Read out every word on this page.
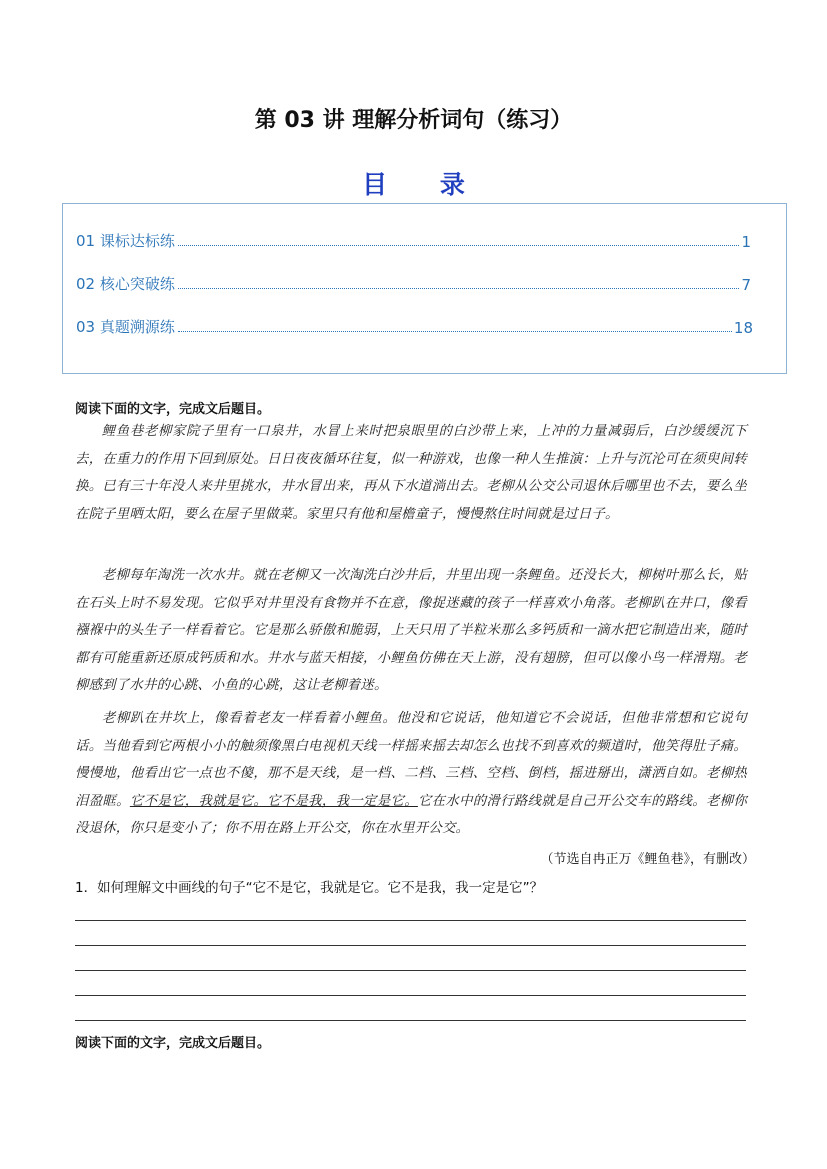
第 03 讲 理解分析词句（练习）
目 录
01 课标达标练	1
02 核心突破练	7
03 真题溯源练	18
阅读下面的文字，完成文后题目。
鲤鱼巷老柳家院子里有一口泉井，水冒上来时把泉眼里的白沙带上来，上冲的力量减弱后，白沙缓缓沉下去，在重力的作用下回到原处。日日夜夜循环往复，似一种游戏，也像一种人生推演：上升与沉沦可在须臾间转换。已有三十年没人来井里挑水，井水冒出来，再从下水道淌出去。老柳从公交公司退休后哪里也不去，要么坐在院子里晒太阳，要么在屋子里做菜。家里只有他和屋檐童子，慢慢熬住时间就是过日子。
老柳每年淘洗一次水井。就在老柳又一次淘洗白沙井后，井里出现一条鲤鱼。还没长大，柳树叶那么长，贴在石头上时不易发现。它似乎对井里没有食物并不在意，像捉迷藏的孩子一样喜欢小角落。老柳趴在井口，像看襁褓中的头生子一样看着它。它是那么骄傲和脆弱，上天只用了半粒米那么多钙质和一滴水把它制造出来，随时都有可能重新还原成钙质和水。井水与蓝天相接，小鲤鱼仿佛在天上游，没有翅膀，但可以像小鸟一样滑翔。老柳感到了水井的心跳、小鱼的心跳，这让老柳着迷。
老柳趴在井坎上，像看着老友一样看着小鲤鱼。他没和它说话，他知道它不会说话，但他非常想和它说句话。当他看到它两根小小的触须像黑白电视机天线一样摇来摇去却怎么也找不到喜欢的频道时，他笑得肚子痛。慢慢地，他看出它一点也不傻，那不是天线，是一档、二档、三档、空档、倒档，摇进掰出，潇洒自如。老柳热泪盈眶。它不是它，我就是它。它不是我，我一定是它。它在水中的滑行路线就是自己开公交车的路线。老柳你没退休，你只是变小了；你不用在路上开公交，你在水里开公交。
（节选自冉正万《鲤鱼巷》，有删改）
1．如何理解文中画线的句子“它不是它，我就是它。它不是我，我一定是它”？
阅读下面的文字，完成文后题目。
